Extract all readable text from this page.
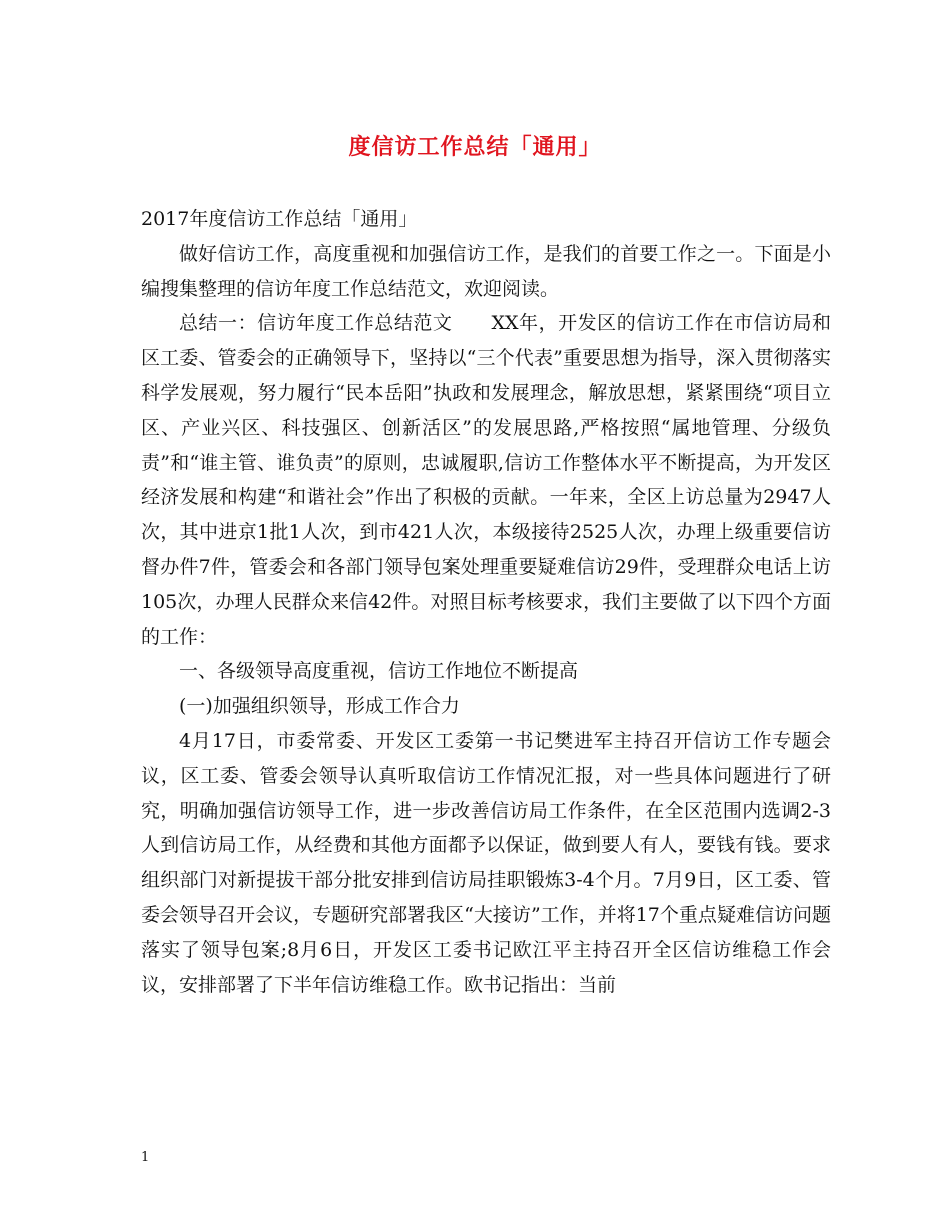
度信访工作总结「通用」

2017年度信访工作总结「通用」

做好信访工作，高度重视和加强信访工作，是我们的首要工作之一。下面是小编搜集整理的信访年度工作总结范文，欢迎阅读。

总结一：信访年度工作总结范文　　XX年，开发区的信访工作在市信访局和区工委、管委会的正确领导下，坚持以“三个代表”重要思想为指导，深入贯彻落实科学发展观，努力履行“民本岳阳”执政和发展理念，解放思想，紧紧围绕“项目立区、产业兴区、科技强区、创新活区”的发展思路,严格按照“属地管理、分级负责”和“谁主管、谁负责”的原则，忠诚履职,信访工作整体水平不断提高，为开发区经济发展和构建“和谐社会”作出了积极的贡献。一年来，全区上访总量为2947人次，其中进京1批1人次，到市421人次，本级接待2525人次，办理上级重要信访督办件7件，管委会和各部门领导包案处理重要疑难信访29件，受理群众电话上访105次，办理人民群众来信42件。对照目标考核要求，我们主要做了以下四个方面的工作：

一、各级领导高度重视，信访工作地位不断提高

(一)加强组织领导，形成工作合力

4月17日，市委常委、开发区工委第一书记樊进军主持召开信访工作专题会议，区工委、管委会领导认真听取信访工作情况汇报，对一些具体问题进行了研究，明确加强信访领导工作，进一步改善信访局工作条件，在全区范围内选调2-3人到信访局工作，从经费和其他方面都予以保证，做到要人有人，要钱有钱。要求组织部门对新提拔干部分批安排到信访局挂职锻炼3-4个月。7月9日，区工委、管委会领导召开会议，专题研究部署我区“大接访”工作，并将17个重点疑难信访问题落实了领导包案;8月6日，开发区工委书记欧江平主持召开全区信访维稳工作会议，安排部署了下半年信访维稳工作。欧书记指出：当前

1
